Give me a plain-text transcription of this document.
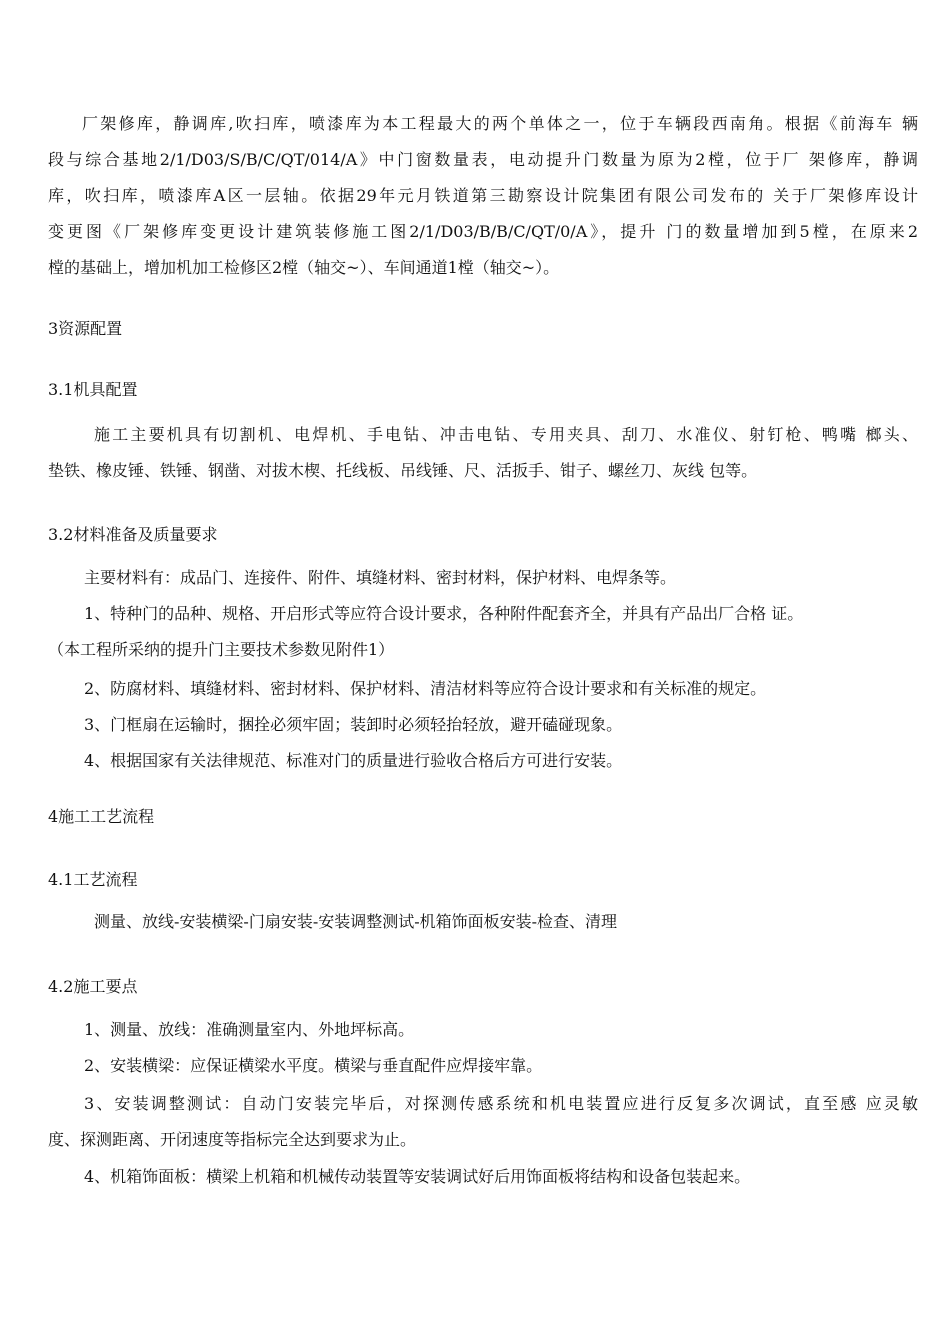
厂架修库，静调库,吹扫库，喷漆库为本工程最大的两个单体之一，位于车辆段西南角。根据《前海车 辆
段与综合基地2/1/D03/S/B/C/QT/014/A》中门窗数量表，电动提升门数量为原为2樘，位于厂 架修库，静调
库，吹扫库，喷漆库A区一层轴。依据29年元月铁道第三勘察设计院集团有限公司发布的 关于厂架修库设计
变更图《厂架修库变更设计建筑装修施工图2/1/D03/B/B/C/QT/0/A》，提升 门的数量增加到5樘，在原来2
樘的基础上，增加机加工检修区2樘（轴交~）、车间通道1樘（轴交~）。
3资源配置
3.1机具配置
施工主要机具有切割机、电焊机、手电钻、冲击电钻、专用夹具、刮刀、水准仪、射钉枪、鸭嘴 榔头、
垫铁、橡皮锤、铁锤、钢凿、对拔木楔、托线板、吊线锤、尺、活扳手、钳子、螺丝刀、灰线 包等。
3.2材料准备及质量要求
主要材料有：成品门、连接件、附件、填缝材料、密封材料，保护材料、电焊条等。
1、特种门的品种、规格、开启形式等应符合设计要求，各种附件配套齐全，并具有产品出厂合格 证。
（本工程所采纳的提升门主要技术参数见附件1）
2、防腐材料、填缝材料、密封材料、保护材料、清洁材料等应符合设计要求和有关标准的规定。
3、门框扇在运输时，捆拴必须牢固；装卸时必须轻抬轻放，避开磕碰现象。
4、根据国家有关法律规范、标准对门的质量进行验收合格后方可进行安装。
4施工工艺流程
4.1工艺流程
测量、放线-安装横梁-门扇安装-安装调整测试-机箱饰面板安装-检查、清理
4.2施工要点
1、测量、放线：准确测量室内、外地坪标高。
2、安装横梁：应保证横梁水平度。横梁与垂直配件应焊接牢靠。
3、安装调整测试：自动门安装完毕后，对探测传感系统和机电装置应进行反复多次调试，直至感 应灵敏
度、探测距离、开闭速度等指标完全达到要求为止。
4、机箱饰面板：横梁上机箱和机械传动装置等安装调试好后用饰面板将结构和设备包装起来。
